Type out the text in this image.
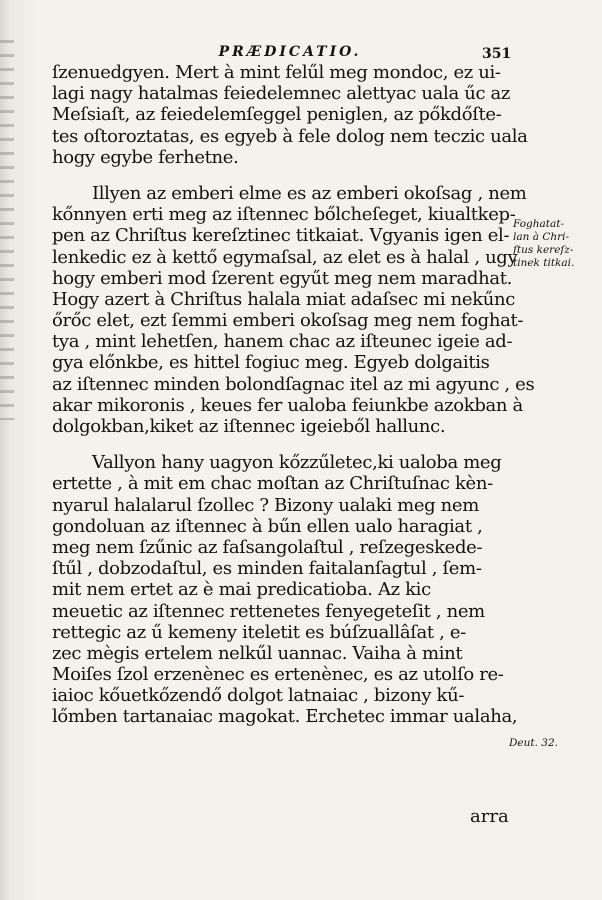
PRÆDICATIO.	351
ſzenuedgyen. Mert à mint felűl meg mondoc, ez ui-
lagi nagy hatalmas feiedelemnec alettyac uala űc az
Meſsiaſt, az feiedelemſeggel peniglen, az pőkdőſte-
tes oſtoroztatas, es egyeb à fele dolog nem teczic uala
hogy egybe ferhetne.
Illyen az emberi elme es az emberi okoſsag , nem
kőnnyen erti meg az iſtennec bőlcheſeget, kiualtkep-
pen az Chriſtus kereſztinec titkaiat. Vgyanis igen el-
lenkedic ez à kettő egymaſsal, az elet es à halal , ugy
hogy emberi mod ſzerent egyűt meg nem maradhat.
Hogy azert à Chriſtus halala miat adaſsec mi nekűnc
őrőc elet, ezt ſemmi emberi okoſsag meg nem foghat-
tya , mint lehetſen, hanem chac az iſteunec igeie ad-
gya előnkbe, es hittel fogiuc meg. Egyeb dolgaitis
az iſtennec minden bolondſagnac itel az mi agyunc , es
akar mikoronis , keues fer ualoba feiunkbe azokban à
dolgokban,kiket az iſtennec igeieből hallunc.
Vallyon hany uagyon kőzzűletec,ki ualoba meg
ertette , à mit em chac moſtan az Chriſtuſnac kèn-
nyarul halalarul ſzollec ? Bizony ualaki meg nem
gondoluan az iſtennec à bűn ellen ualo haragiat ,
meg nem ſzűnic az faſsangolaſtul , reſzegeskede-
ſtűl , dobzodaſtul, es minden faitalanſagtul , ſem-
mit nem ertet az è mai predicatioba. Az kic
meuetic az iſtennec rettenetes fenyegeteſit , nem
rettegic az ű kemeny iteletit es búſzuallâſat , e-
zec mègis ertelem nelkűl uannac. Vaiha à mint
Moiſes ſzol erzenènec es ertenènec, es az utolſo re-
iaioc kőuetkőzendő dolgot latnaiac , bizony kű-
lőmben tartanaiac magokat. Erchetec immar ualaha,
Foghatat-
lan à Chri-
ſtus kereſz-
tinek titkai.
Deut. 32.
arra
